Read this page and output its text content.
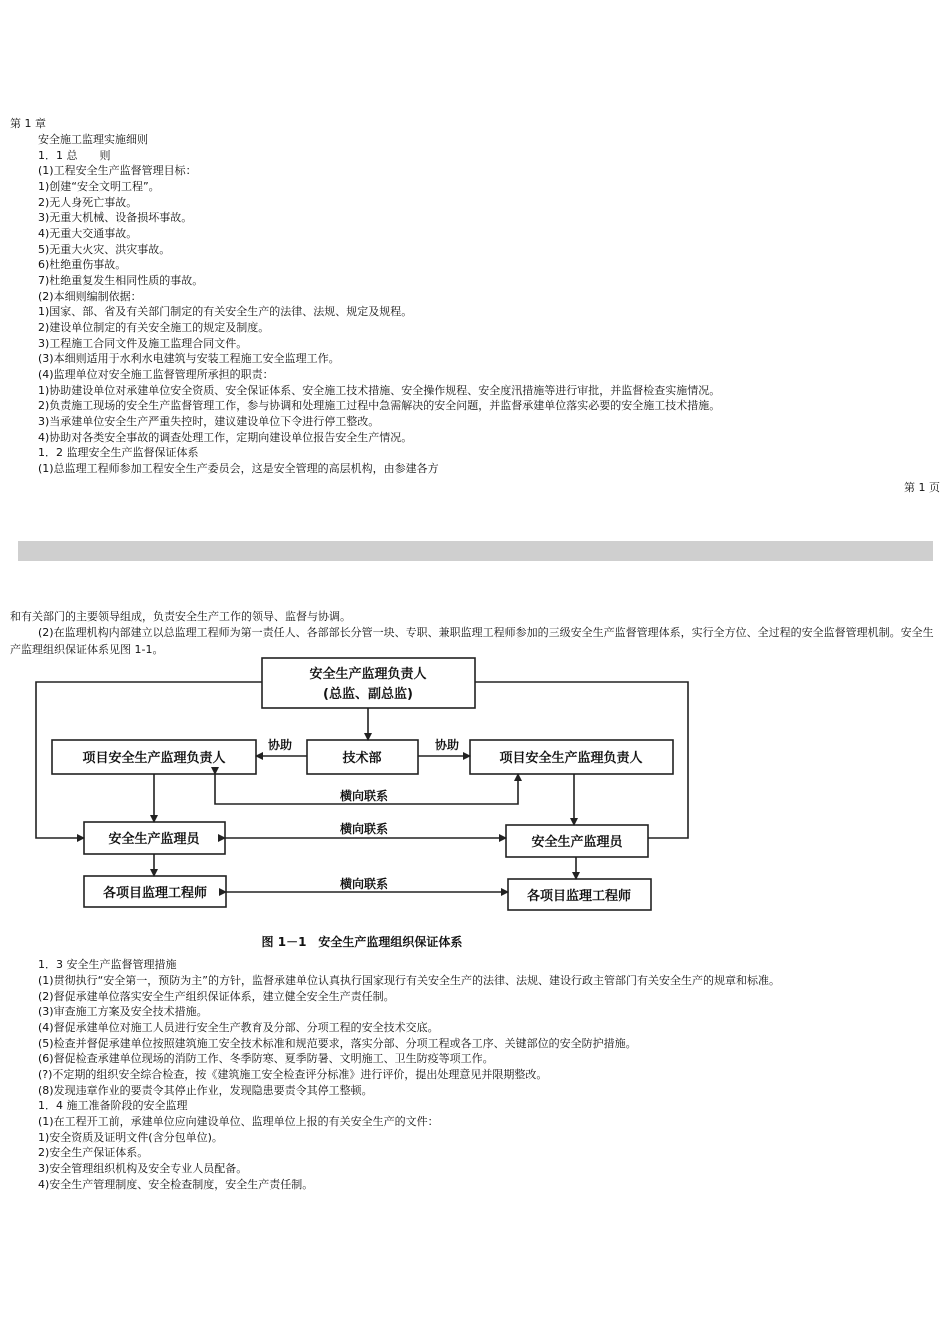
第 1 章
安全施工监理实施细则
1．1 总　　则
(1)工程安全生产监督管理目标：
1)创建“安全文明工程”。
2)无人身死亡事故。
3)无重大机械、设备损坏事故。
4)无重大交通事故。
5)无重大火灾、洪灾事故。
6)杜绝重伤事故。
7)杜绝重复发生相同性质的事故。
(2)本细则编制依据：
1)国家、部、省及有关部门制定的有关安全生产的法律、法规、规定及规程。
2)建设单位制定的有关安全施工的规定及制度。
3)工程施工合同文件及施工监理合同文件。
(3)本细则适用于水利水电建筑与安装工程施工安全监理工作。
(4)监理单位对安全施工监督管理所承担的职责：
1)协助建设单位对承建单位安全资质、安全保证体系、安全施工技术措施、安全操作规程、安全度汛措施等进行审批，并监督检查实施情况。
2)负责施工现场的安全生产监督管理工作，参与协调和处理施工过程中急需解决的安全问题，并监督承建单位落实必要的安全施工技术措施。
3)当承建单位安全生产严重失控时，建议建设单位下令进行停工整改。
4)协助对各类安全事故的调查处理工作，定期向建设单位报告安全生产情况。
1．2 监理安全生产监督保证体系
(1)总监理工程师参加工程安全生产委员会，这是安全管理的高层机构，由参建各方
第 1 页
和有关部门的主要领导组成，负责安全生产工作的领导、监督与协调。
(2)在监理机构内部建立以总监理工程师为第一责任人、各部部长分管一块、专职、兼职监理工程师参加的三级安全生产监督管理体系，实行全方位、全过程的安全监督管理机制。安全生产监理组织保证体系见图 1-1。
安全生产监理负责人
(总监、副总监)
项目安全生产监理负责人	技术部	项目安全生产监理负责人
协助	协助
横向联系
安全生产监理员
横向联系
安全生产监理员
各项目监理工程师
横向联系
各项目监理工程师
图 1－1　安全生产监理组织保证体系
1．3 安全生产监督管理措施
(1)贯彻执行“安全第一，预防为主”的方针，监督承建单位认真执行国家现行有关安全生产的法律、法规、建设行政主管部门有关安全生产的规章和标准。
(2)督促承建单位落实安全生产组织保证体系，建立健全安全生产责任制。
(3)审查施工方案及安全技术措施。
(4)督促承建单位对施工人员进行安全生产教育及分部、分项工程的安全技术交底。
(5)检查并督促承建单位按照建筑施工安全技术标准和规范要求，落实分部、分项工程或各工序、关键部位的安全防护措施。
(6)督促检查承建单位现场的消防工作、冬季防寒、夏季防暑、文明施工、卫生防疫等项工作。
(?)不定期的组织安全综合检查，按《建筑施工安全检查评分标准》进行评价，提出处理意见并限期整改。
(8)发现违章作业的要责令其停止作业，发现隐患要责令其停工整顿。
1．4 施工准备阶段的安全监理
(1)在工程开工前，承建单位应向建设单位、监理单位上报的有关安全生产的文件：
1)安全资质及证明文件(含分包单位)。
2)安全生产保证体系。
3)安全管理组织机构及安全专业人员配备。
4)安全生产管理制度、安全检查制度，安全生产责任制。
